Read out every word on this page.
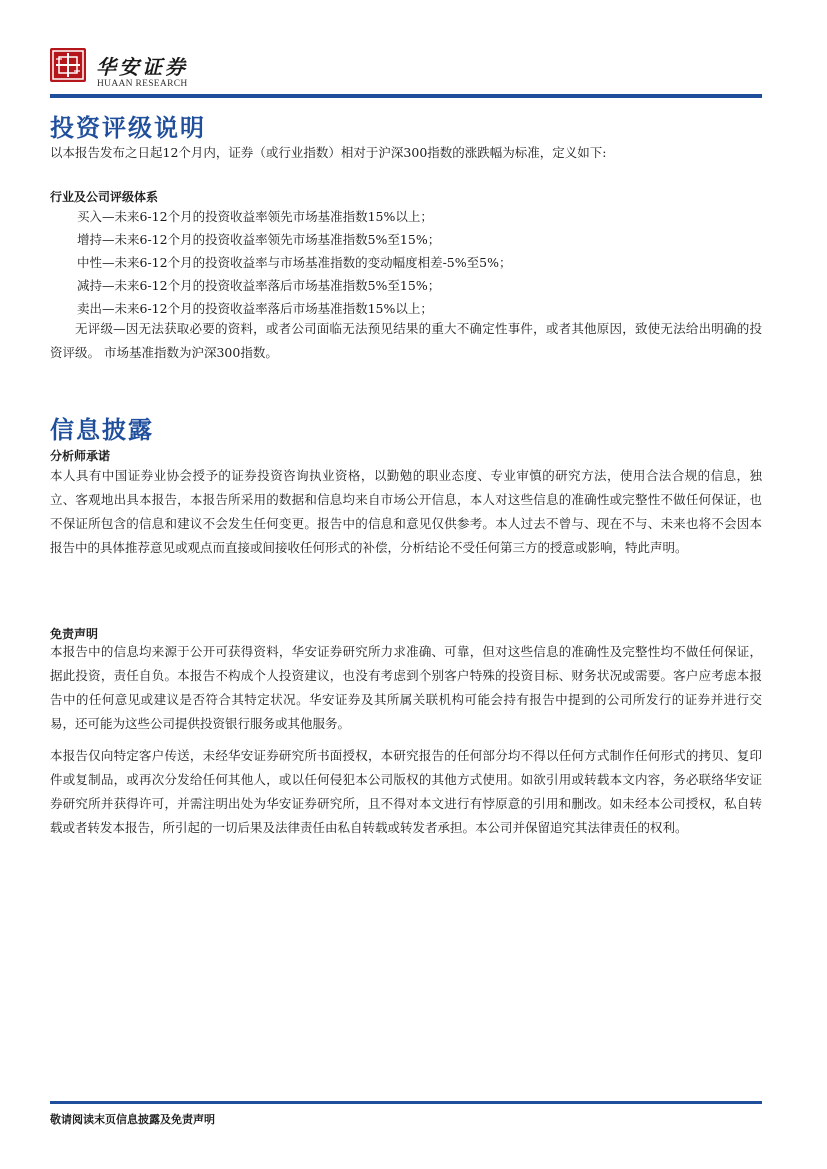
华安证券
HUAAN RESEARCH
投资评级说明
以本报告发布之日起12个月内，证券（或行业指数）相对于沪深300指数的涨跌幅为标准，定义如下:
行业及公司评级体系
买入—未来6-12个月的投资收益率领先市场基准指数15%以上；
增持—未来6-12个月的投资收益率领先市场基准指数5%至15%；
中性—未来6-12个月的投资收益率与市场基准指数的变动幅度相差-5%至5%；
减持—未来6-12个月的投资收益率落后市场基准指数5%至15%；
卖出—未来6-12个月的投资收益率落后市场基准指数15%以上；
无评级—因无法获取必要的资料，或者公司面临无法预见结果的重大不确定性事件，或者其他原因，致使无法给出明确的投资评级。 市场基准指数为沪深300指数。
信息披露
分析师承诺
本人具有中国证券业协会授予的证券投资咨询执业资格，以勤勉的职业态度、专业审慎的研究方法，使用合法合规的信息，独立、客观地出具本报告，本报告所采用的数据和信息均来自市场公开信息，本人对这些信息的准确性或完整性不做任何保证，也不保证所包含的信息和建议不会发生任何变更。报告中的信息和意见仅供参考。本人过去不曾与、现在不与、未来也将不会因本报告中的具体推荐意见或观点而直接或间接收任何形式的补偿，分析结论不受任何第三方的授意或影响，特此声明。
免责声明
本报告中的信息均来源于公开可获得资料，华安证券研究所力求准确、可靠，但对这些信息的准确性及完整性均不做任何保证，据此投资，责任自负。本报告不构成个人投资建议，也没有考虑到个别客户特殊的投资目标、财务状况或需要。客户应考虑本报告中的任何意见或建议是否符合其特定状况。华安证券及其所属关联机构可能会持有报告中提到的公司所发行的证券并进行交易，还可能为这些公司提供投资银行服务或其他服务。
本报告仅向特定客户传送，未经华安证券研究所书面授权，本研究报告的任何部分均不得以任何方式制作任何形式的拷贝、复印件或复制品，或再次分发给任何其他人，或以任何侵犯本公司版权的其他方式使用。如欲引用或转载本文内容，务必联络华安证券研究所并获得许可，并需注明出处为华安证券研究所，且不得对本文进行有悖原意的引用和删改。如未经本公司授权，私自转载或者转发本报告，所引起的一切后果及法律责任由私自转载或转发者承担。本公司并保留追究其法律责任的权利。
敬请阅读末页信息披露及免责声明
